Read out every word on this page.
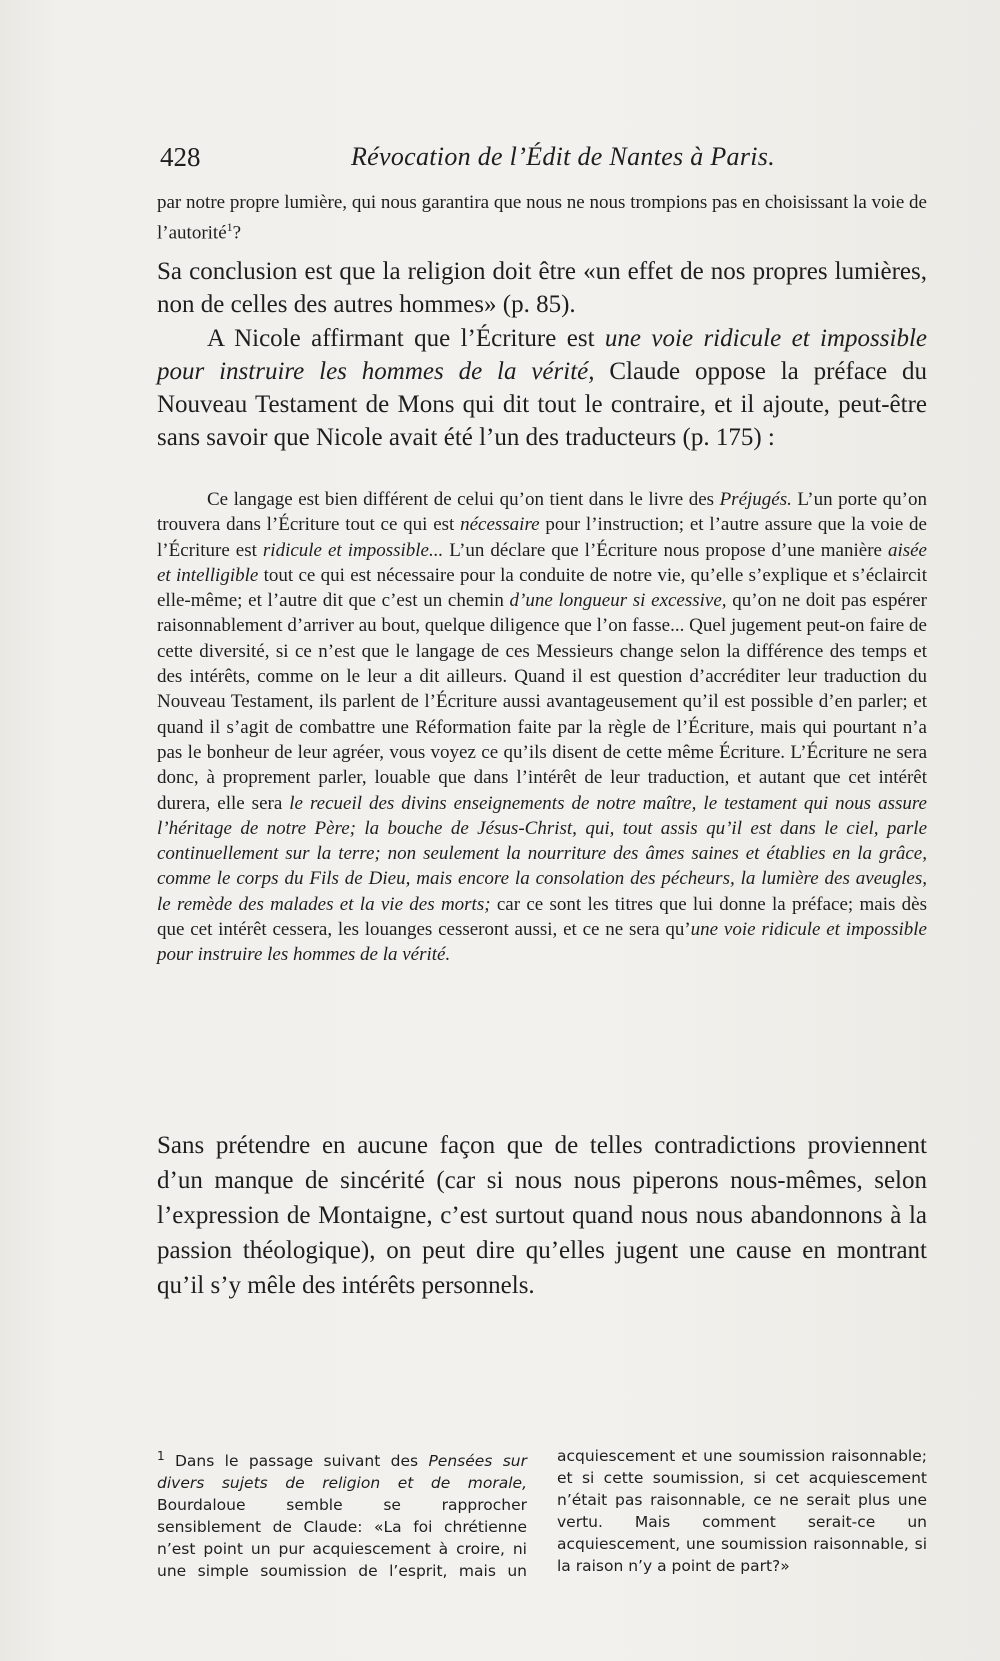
428	Révocation de l’Édit de Nantes à Paris.

par notre propre lumière, qui nous garantira que nous ne nous trompions pas en choisissant la voie de l’autorité$^1$?

Sa conclusion est que la religion doit être «un effet de nos propres lumières, non de celles des autres hommes» (p. 85).

A Nicole affirmant que l’Écriture est une voie ridicule et impossible pour instruire les hommes de la vérité, Claude oppose la préface du Nouveau Testament de Mons qui dit tout le contraire, et il ajoute, peut-être sans savoir que Nicole avait été l’un des traducteurs (p. 175) :

Ce langage est bien différent de celui qu’on tient dans le livre des Préjugés. L’un porte qu’on trouvera dans l’Écriture tout ce qui est nécessaire pour l’instruction; et l’autre assure que la voie de l’Écriture est ridicule et impossible... L’un déclare que l’Écriture nous propose d’une manière aisée et intelligible tout ce qui est nécessaire pour la conduite de notre vie, qu’elle s’explique et s’éclaircit elle-même; et l’autre dit que c’est un chemin d’une longueur si excessive, qu’on ne doit pas espérer raisonnablement d’arriver au bout, quelque diligence que l’on fasse... Quel jugement peut-on faire de cette diversité, si ce n’est que le langage de ces Messieurs change selon la différence des temps et des intérêts, comme on le leur a dit ailleurs. Quand il est question d’accréditer leur traduction du Nouveau Testament, ils parlent de l’Écriture aussi avantageusement qu’il est possible d’en parler; et quand il s’agit de combattre une Réformation faite par la règle de l’Écriture, mais qui pourtant n’a pas le bonheur de leur agréer, vous voyez ce qu’ils disent de cette même Écriture. L’Écriture ne sera donc, à proprement parler, louable que dans l’intérêt de leur traduction, et autant que cet intérêt durera, elle sera le recueil des divins enseignements de notre maître, le testament qui nous assure l’héritage de notre Père; la bouche de Jésus-Christ, qui, tout assis qu’il est dans le ciel, parle continuellement sur la terre; non seulement la nourriture des âmes saines et établies en la grâce, comme le corps du Fils de Dieu, mais encore la consolation des pécheurs, la lumière des aveugles, le remède des malades et la vie des morts; car ce sont les titres que lui donne la préface; mais dès que cet intérêt cessera, les louanges cesseront aussi, et ce ne sera qu’une voie ridicule et impossible pour instruire les hommes de la vérité.

Sans prétendre en aucune façon que de telles contradictions proviennent d’un manque de sincérité (car si nous nous piperons nous-mêmes, selon l’expression de Montaigne, c’est surtout quand nous nous abandonnons à la passion théologique), on peut dire qu’elles jugent une cause en montrant qu’il s’y mêle des intérêts personnels.

$^1$ Dans le passage suivant des Pensées sur divers sujets de religion et de morale, Bourdaloue semble se rapprocher sensiblement de Claude: «La foi chrétienne n’est point un pur acquiescement à croire, ni une simple soumission de l’esprit, mais un acquiescement et une soumission raisonnable; et si cette soumission, si cet acquiescement n’était pas raisonnable, ce ne serait plus une vertu. Mais comment serait-ce un acquiescement, une soumission raisonnable, si la raison n’y a point de part?»
